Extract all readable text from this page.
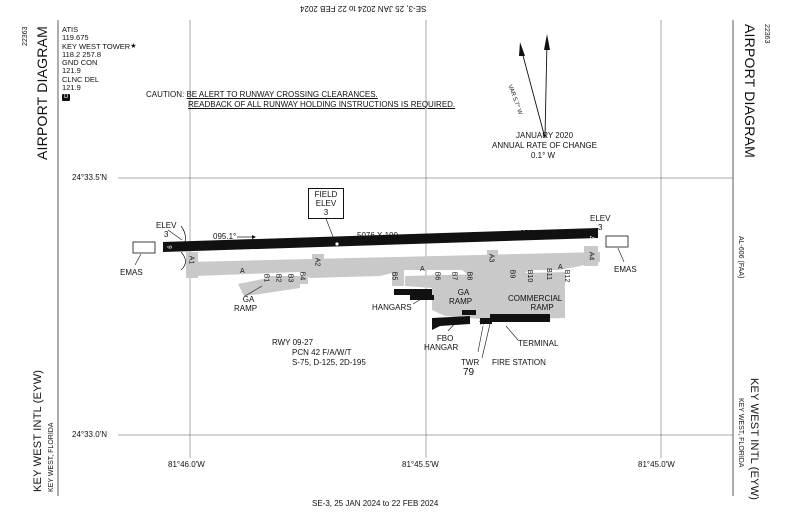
SE-3, 25 JAN 2024 to 22 FEB 2024
SE-3, 25 JAN 2024 to 22 FEB 2024
☆
22363	22363
AIRPORT DIAGRAM	AIRPORT DIAGRAM
KEY WEST INTL (EYW) KEY WEST, FLORIDA	KEY WEST INTL (EYW)
KEY WEST, FLORIDA
AL-606 (FAA)
ATIS
119.675
KEY WEST TOWER★
118.2 257.8
GND CON
121.9
CLNC DEL
121.9
D	CAUTION: BE ALERT TO RUNWAY CROSSING CLEARANCES.
READBACK OF ALL RUNWAY HOLDING INSTRUCTIONS IS REQUIRED.	VAR 5.7° W
JANUARY 2020
ANNUAL RATE OF CHANGE
0.1° W
24°33.5'N
24°33.0'N
81°46.0'W	81°45.5'W	81°45.0'W
ELEV
3
ELEV
3
EMAS	EMAS
095.1°	275.1°
5076 X 100
9
27
FIELD
ELEV
3
RWY 09-27
PCN 42 F/A/W/T
S-75, D-125, 2D-195
A1	A2	A3	A4
A	A	A
B1 B2 B3 B4	B5	B6 B7 B8	B9 B10 B11 B12
GA
RAMP
GA
RAMP	COMMERCIAL
RAMP
HANGARS
FBO
HANGAR	TERMINAL
FIRE STATION
TWR
79
